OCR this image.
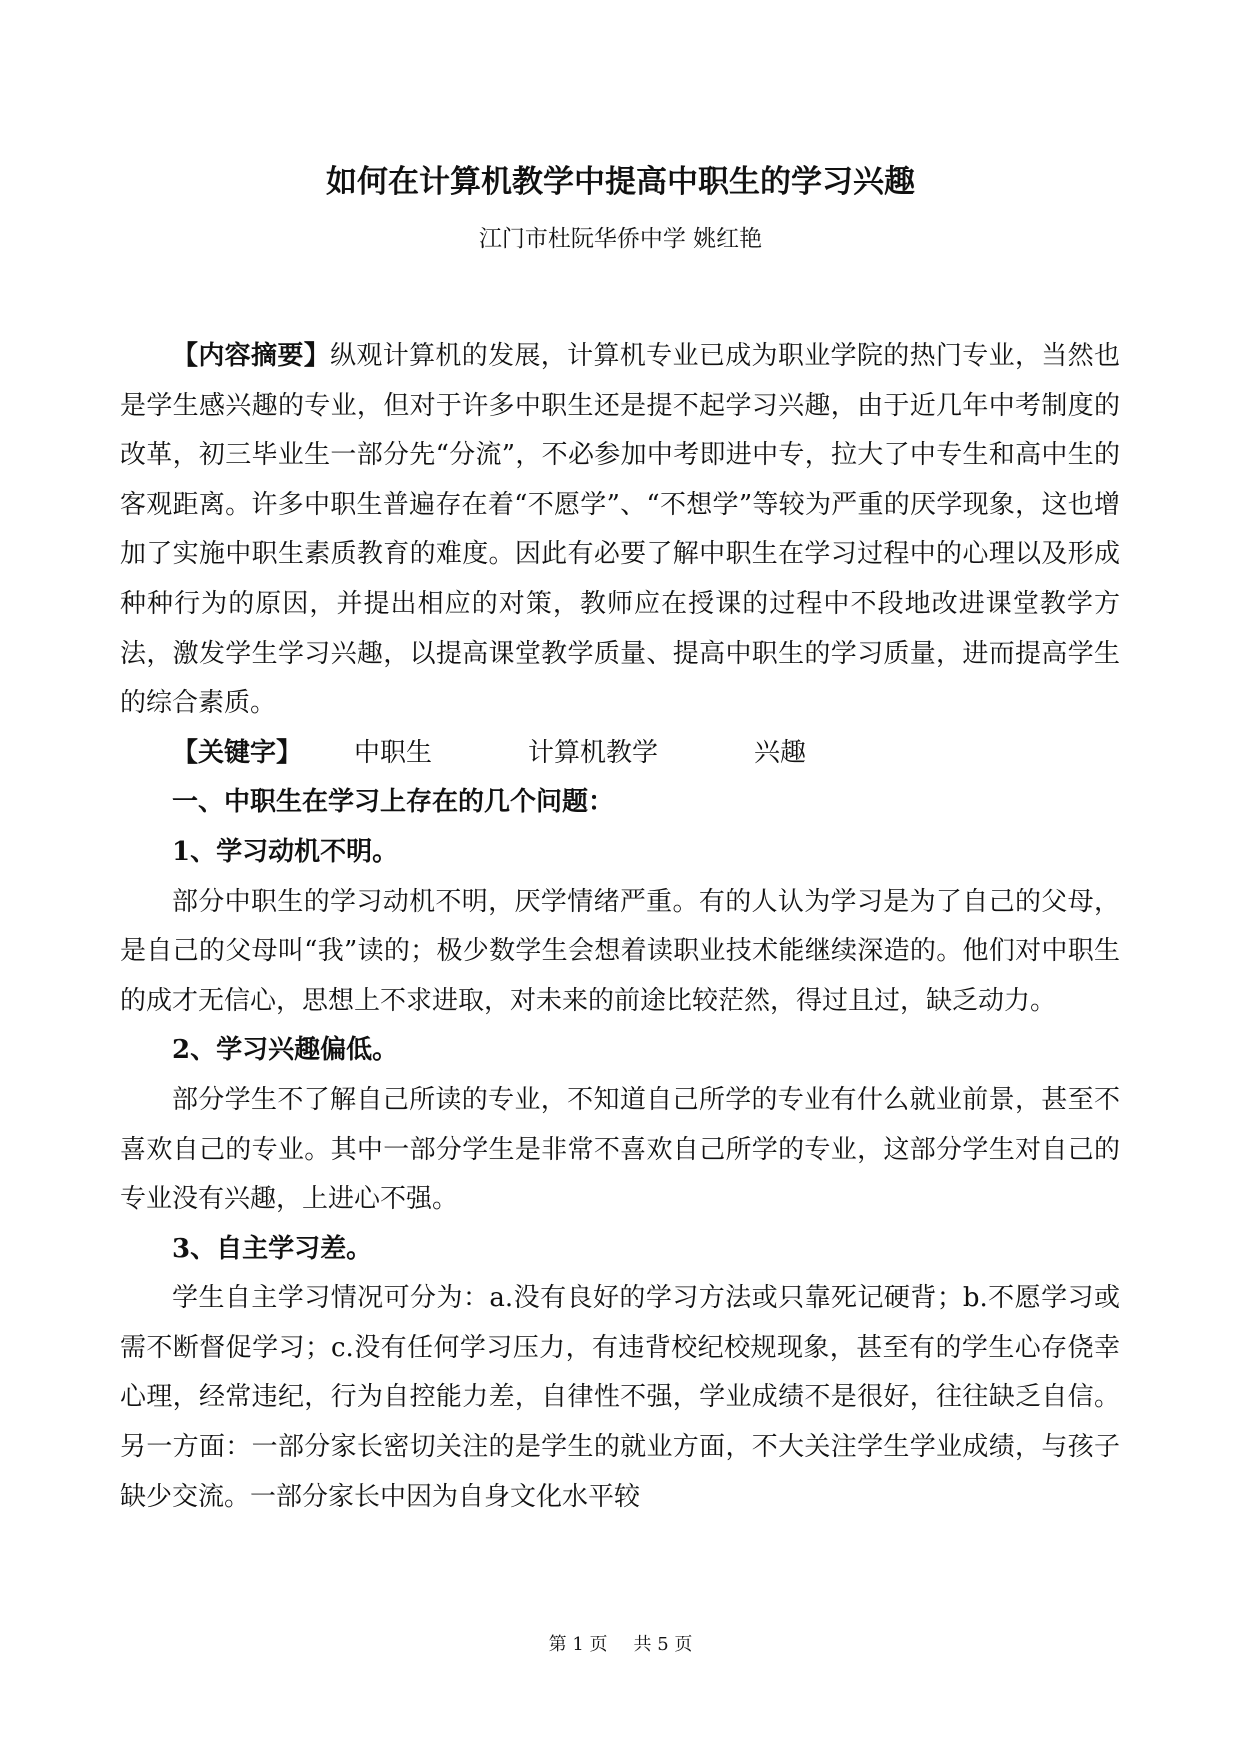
如何在计算机教学中提高中职生的学习兴趣
江门市杜阮华侨中学 姚红艳

【内容摘要】纵观计算机的发展，计算机专业已成为职业学院的热门专业，当然也是学生感兴趣的专业，但对于许多中职生还是提不起学习兴趣，由于近几年中考制度的改革，初三毕业生一部分先“分流”，不必参加中考即进中专，拉大了中专生和高中生的客观距离。许多中职生普遍存在着“不愿学”、“不想学”等较为严重的厌学现象，这也增加了实施中职生素质教育的难度。因此有必要了解中职生在学习过程中的心理以及形成种种行为的原因，并提出相应的对策，教师应在授课的过程中不段地改进课堂教学方法，激发学生学习兴趣，以提高课堂教学质量、提高中职生的学习质量，进而提高学生的综合素质。

【关键字】 中职生	计算机教学	兴趣

一、中职生在学习上存在的几个问题：

1、学习动机不明。

部分中职生的学习动机不明，厌学情绪严重。有的人认为学习是为了自己的父母，是自己的父母叫“我”读的；极少数学生会想着读职业技术能继续深造的。他们对中职生的成才无信心，思想上不求进取，对未来的前途比较茫然，得过且过，缺乏动力。

2、学习兴趣偏低。

部分学生不了解自己所读的专业，不知道自己所学的专业有什么就业前景，甚至不喜欢自己的专业。其中一部分学生是非常不喜欢自己所学的专业，这部分学生对自己的专业没有兴趣，上进心不强。

3、自主学习差。

学生自主学习情况可分为：a.没有良好的学习方法或只靠死记硬背；b.不愿学习或需不断督促学习；c.没有任何学习压力，有违背校纪校规现象，甚至有的学生心存侥幸心理，经常违纪，行为自控能力差，自律性不强，学业成绩不是很好，往往缺乏自信。另一方面：一部分家长密切关注的是学生的就业方面，不大关注学生学业成绩，与孩子缺少交流。一部分家长中因为自身文化水平较

第 1 页 共 5 页
